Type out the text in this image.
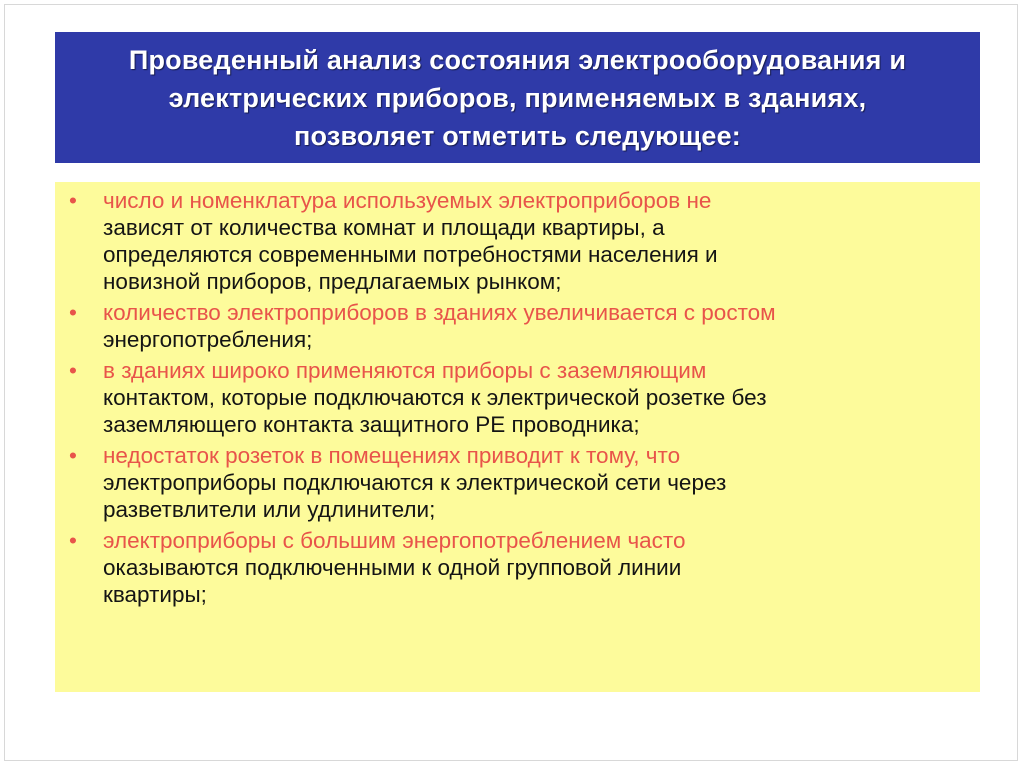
Проведенный анализ состояния электрооборудования и
электрических приборов, применяемых в зданиях,
позволяет отметить следующее:
• число и номенклатура используемых электроприборов не
зависят от количества комнат и площади квартиры, а
определяются современными потребностями населения и
новизной приборов, предлагаемых рынком;
• количество электроприборов в зданиях увеличивается с ростом
энергопотребления;
• в зданиях широко применяются приборы с заземляющим
контактом, которые подключаются к электрической розетке без
заземляющего контакта защитного PE проводника;
• недостаток розеток в помещениях приводит к тому, что
электроприборы подключаются к электрической сети через
разветвлители или удлинители;
• электроприборы с большим энергопотреблением часто
оказываются подключенными к одной групповой линии
квартиры;
